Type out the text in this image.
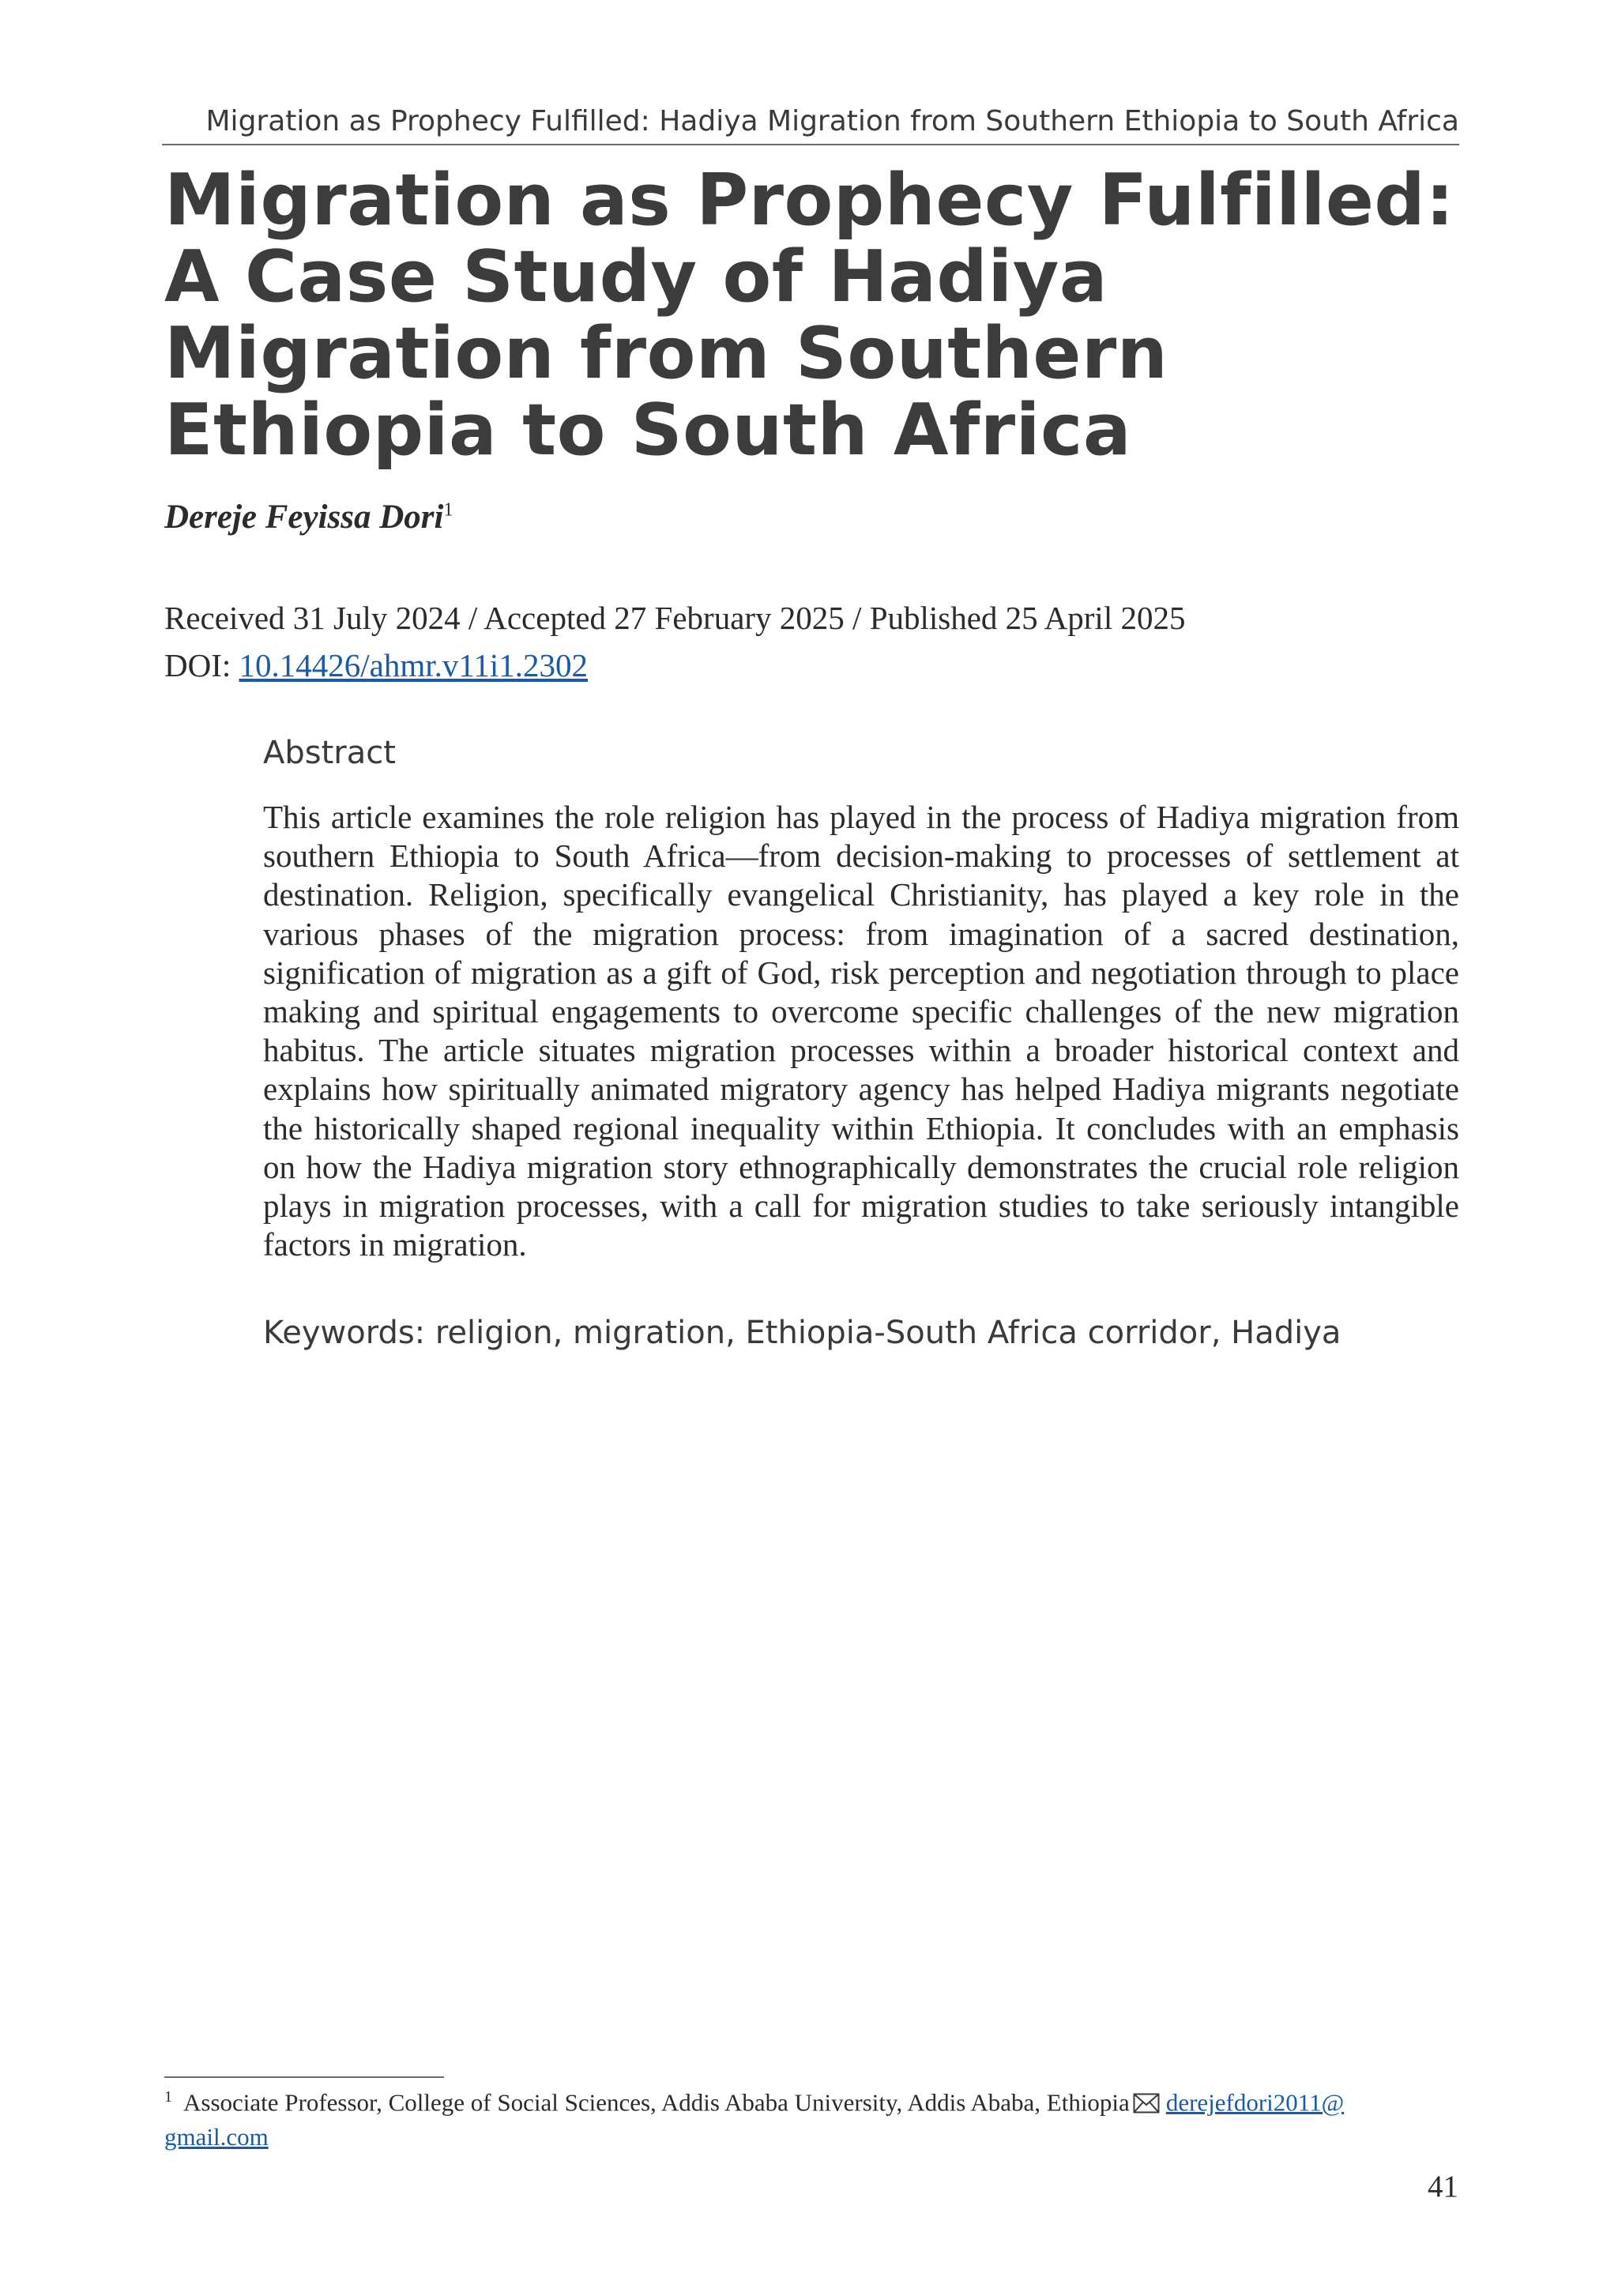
Migration as Prophecy Fulfilled: Hadiya Migration from Southern Ethiopia to South Africa
Migration as Prophecy Fulfilled:
A Case Study of Hadiya
Migration from Southern
Ethiopia to South Africa
Dereje Feyissa Dori$^1$
Received 31 July 2024 / Accepted 27 February 2025 / Published 25 April 2025
DOI: 10.14426/ahmr.v11i1.2302
Abstract

This article examines the role religion has played in the process of Hadiya migration from southern Ethiopia to South Africa—from decision-making to processes of settlement at destination. Religion, specifically evangelical Christianity, has played a key role in the various phases of the migration process: from imagination of a sacred destination, signification of migration as a gift of God, risk perception and negotiation through to place making and spiritual engagements to overcome specific challenges of the new migration habitus. The article situates migration processes within a broader historical context and explains how spiritually animated migratory agency has helped Hadiya migrants negotiate the historically shaped regional inequality within Ethiopia. It concludes with an emphasis on how the Hadiya migration story ethnographically demonstrates the crucial role religion plays in migration processes, with a call for migration studies to take seriously intangible factors in migration.

Keywords: religion, migration, Ethiopia-South Africa corridor, Hadiya

$^1$ Associate Professor, College of Social Sciences, Addis Ababa University, Addis Ababa, Ethiopia derejefdori2011@
gmail.com

41
